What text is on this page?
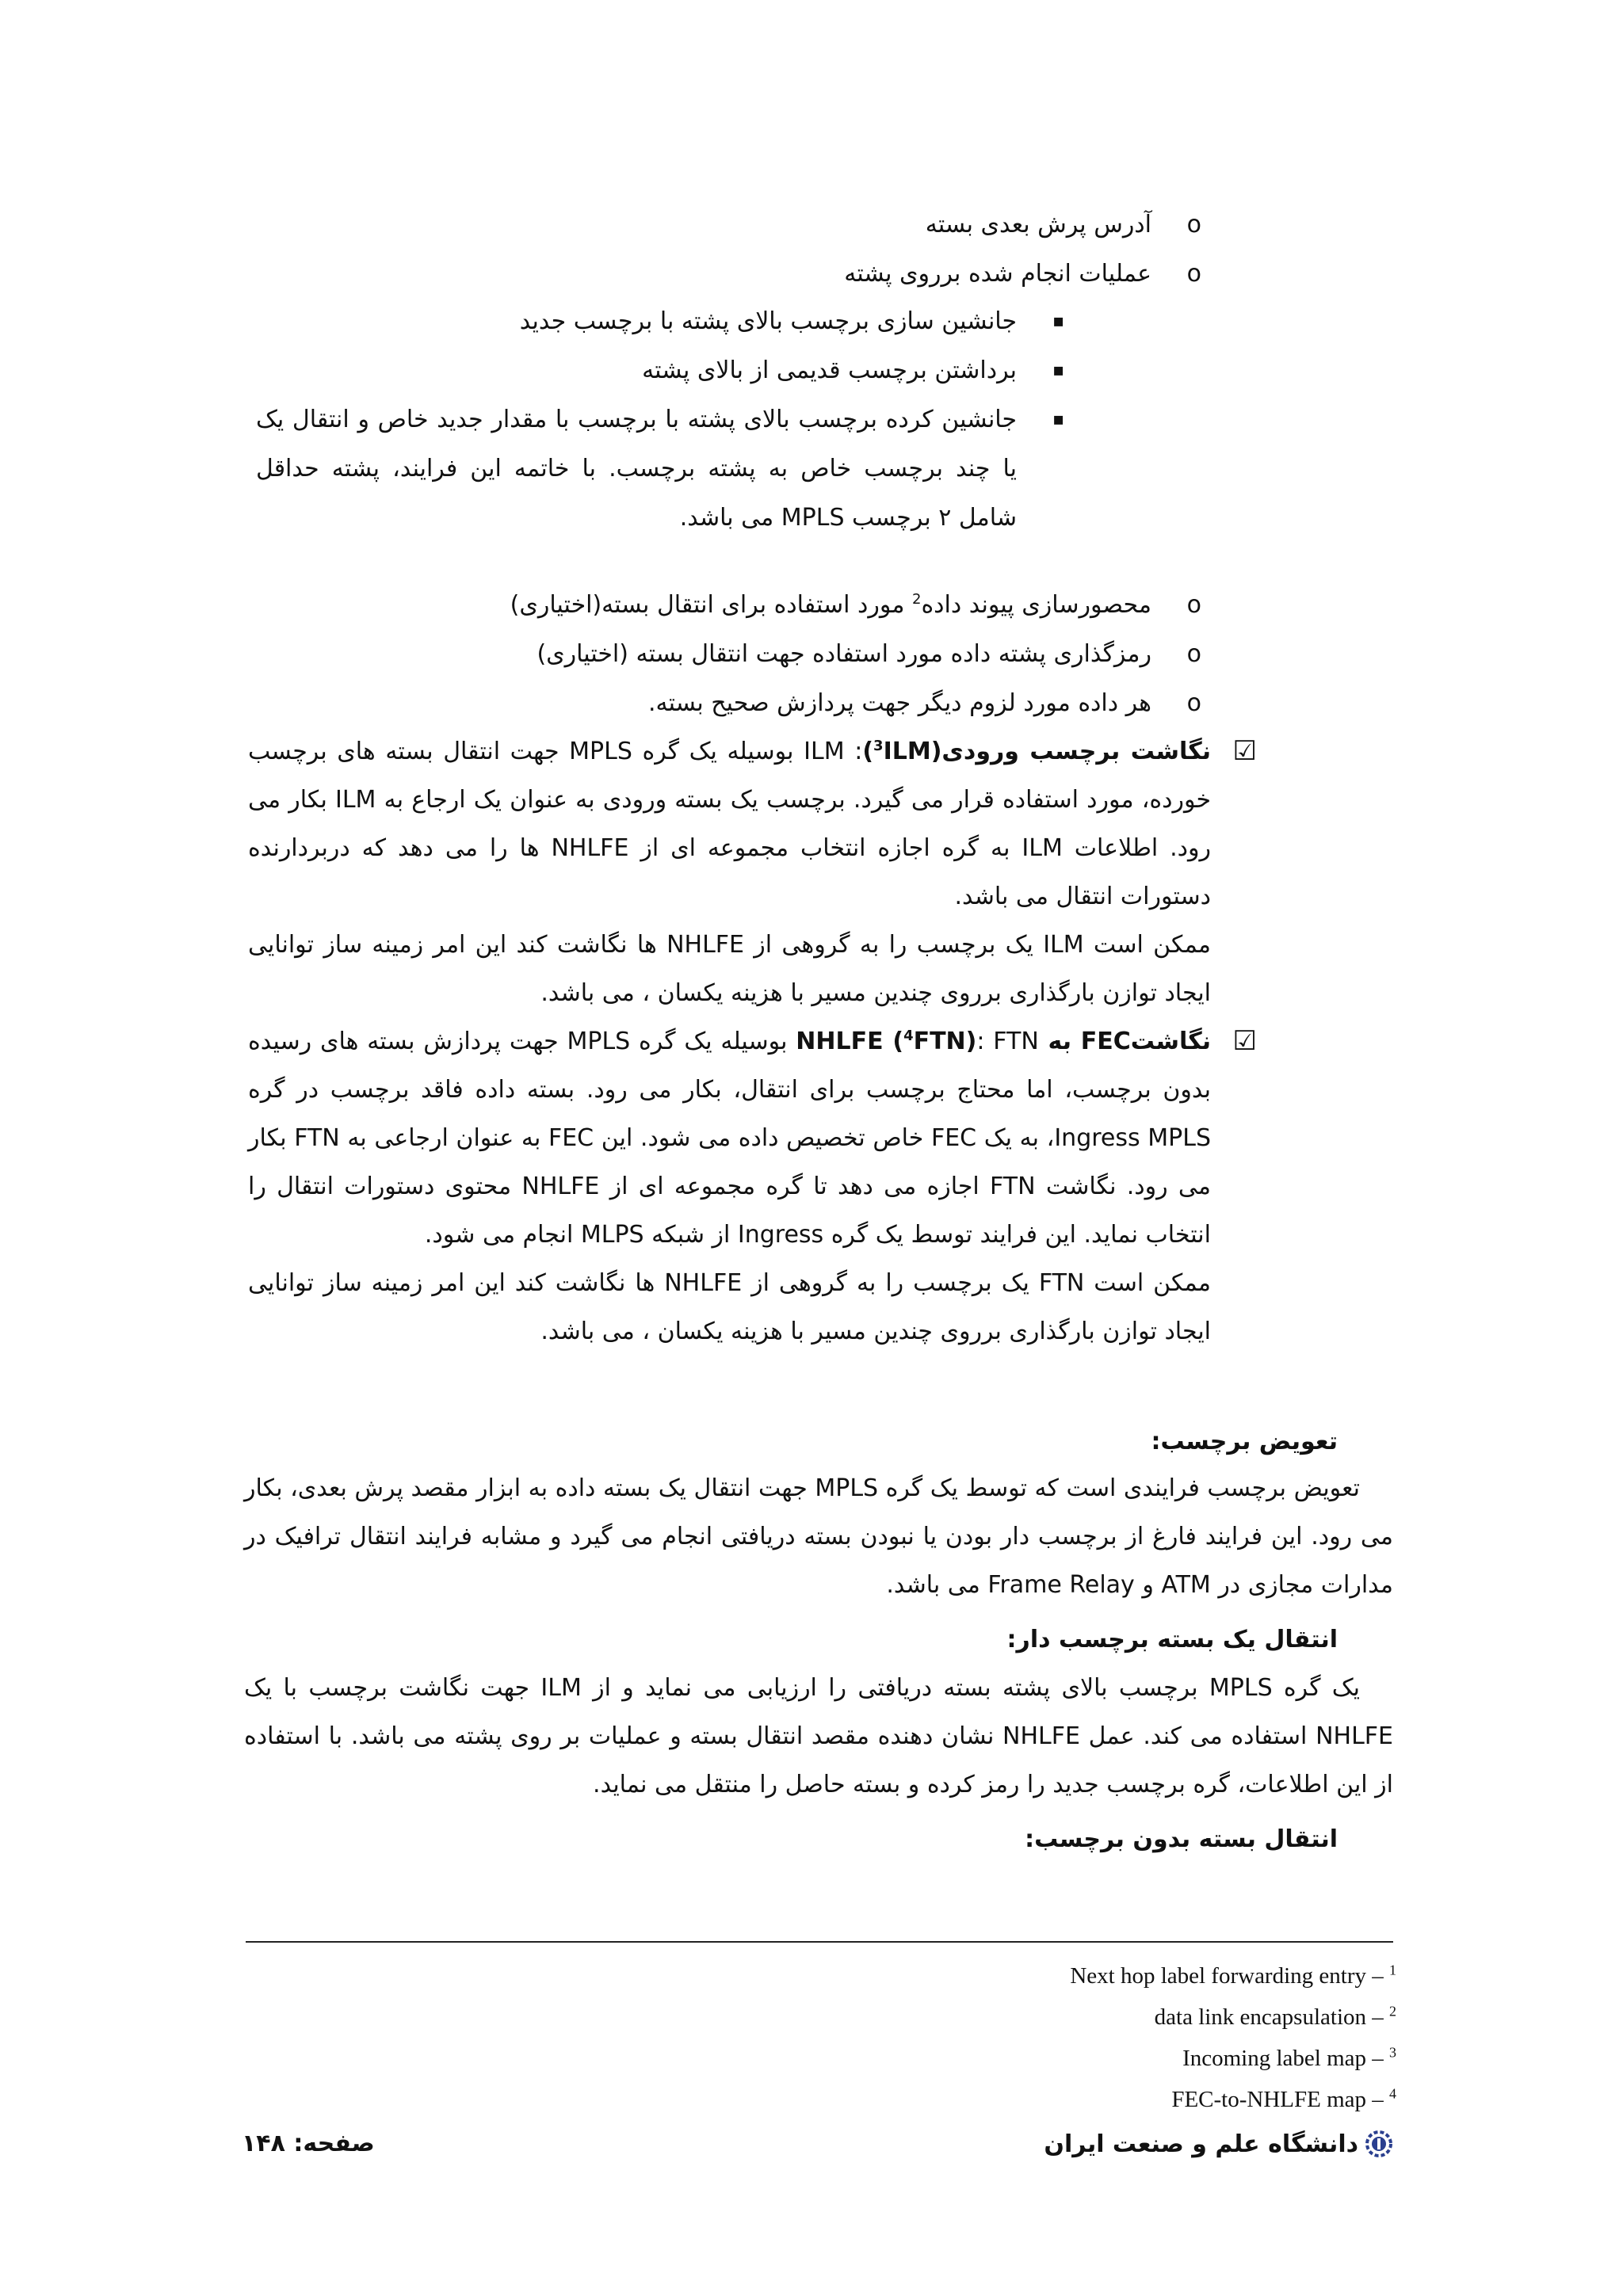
o
آدرس پرش بعدی بسته
o
عملیات انجام شده برروی پشته
▪
جانشین سازی برچسب بالای پشته با برچسب جدید
▪
برداشتن برچسب قدیمی از بالای پشته
▪
جانشین کرده برچسب بالای پشته با برچسب با مقدار جدید خاص و انتقال یک یا چند برچسب خاص به پشته برچسب. با خاتمه این فرایند، پشته حداقل شامل ۲ برچسب MPLS می باشد.
o
محصورسازی پیوند داده$^2$ مورد استفاده برای انتقال بسته(اختیاری)
o
رمزگذاری پشته داده مورد استفاده جهت انتقال بسته (اختیاری)
o
هر داده مورد لزوم دیگر جهت پردازش صحیح بسته.
☑

نگاشت برچسب ورودی($^3$ILM): ILM بوسیله یک گره MPLS جهت انتقال بسته های برچسب خورده، مورد استفاده قرار می گیرد. برچسب یک بسته ورودی به عنوان یک ارجاع به ILM بکار می رود. اطلاعات ILM به گره اجازه انتخاب مجموعه ای از NHLFE ها را می دهد که دربردارنده دستورات انتقال می باشد.

ممکن است ILM یک برچسب را به گروهی از NHLFE ها نگاشت کند این امر زمینه ساز توانایی ایجاد توازن بارگذاری برروی چندین مسیر با هزینه یکسان ، می باشد.

☑

نگاشتFEC به NHLFE ($^4$FTN): FTN بوسیله یک گره MPLS جهت پردازش بسته های رسیده بدون برچسب، اما محتاج برچسب برای انتقال، بکار می رود. بسته داده فاقد برچسب در گره Ingress MPLS، به یک FEC خاص تخصیص داده می شود. این FEC به عنوان ارجاعی به FTN بکار می رود. نگاشت FTN اجازه می دهد تا گره مجموعه ای از NHLFE محتوی دستورات انتقال را انتخاب نماید. این فرایند توسط یک گره Ingress از شبکه MLPS انجام می شود.

ممکن است FTN یک برچسب را به گروهی از NHLFE ها نگاشت کند این امر زمینه ساز توانایی ایجاد توازن بارگذاری برروی چندین مسیر با هزینه یکسان ، می باشد.

تعویض برچسب:
تعویض برچسب فرایندی است که توسط یک گره MPLS جهت انتقال یک بسته داده به ابزار مقصد پرش بعدی، بکار می رود. این فرایند فارغ از برچسب دار بودن یا نبودن بسته دریافتی انجام می گیرد و مشابه فرایند انتقال ترافیک در مدارات مجازی در ATM و Frame Relay می باشد.
انتقال یک بسته برچسب دار:
یک گره MPLS برچسب بالای پشته بسته دریافتی را ارزیابی می نماید و از ILM جهت نگاشت برچسب با یک NHLFE استفاده می کند. عمل NHLFE نشان دهنده مقصد انتقال بسته و عملیات بر روی پشته می باشد. با استفاده از این اطلاعات، گره برچسب جدید را رمز کرده و بسته حاصل را منتقل می نماید.
انتقال بسته بدون برچسب:
Next hop label forwarding entry – $^1$
data link encapsulation – $^2$
Incoming label map – $^3$
FEC-to-NHLFE map – $^4$
دانشگاه علم و صنعت ایران
صفحه: ۱۴۸
